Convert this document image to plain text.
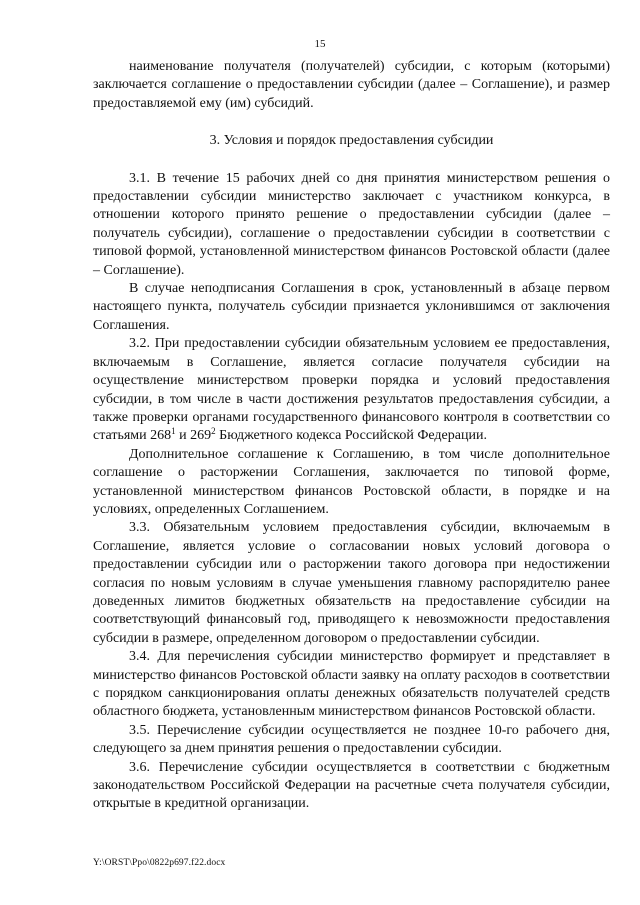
15

наименование получателя (получателей) субсидии, с которым (которыми) заключается соглашение о предоставлении субсидии (далее – Соглашение), и размер предоставляемой ему (им) субсидий.

3. Условия и порядок предоставления субсидии

3.1. В течение 15 рабочих дней со дня принятия министерством решения о предоставлении субсидии министерство заключает с участником конкурса, в отношении которого принято решение о предоставлении субсидии (далее – получатель субсидии), соглашение о предоставлении субсидии в соответствии с типовой формой, установленной министерством финансов Ростовской области (далее – Соглашение).

В случае неподписания Соглашения в срок, установленный в абзаце первом настоящего пункта, получатель субсидии признается уклонившимся от заключения Соглашения.

3.2. При предоставлении субсидии обязательным условием ее предоставления, включаемым в Соглашение, является согласие получателя субсидии на осуществление министерством проверки порядка и условий предоставления субсидии, в том числе в части достижения результатов предоставления субсидии, а также проверки органами государственного финансового контроля в соответствии со статьями $268^1$ и $269^2$ Бюджетного кодекса Российской Федерации.

Дополнительное соглашение к Соглашению, в том числе дополнительное соглашение о расторжении Соглашения, заключается по типовой форме, установленной министерством финансов Ростовской области, в порядке и на условиях, определенных Соглашением.

3.3. Обязательным условием предоставления субсидии, включаемым в Соглашение, является условие о согласовании новых условий договора о предоставлении субсидии или о расторжении такого договора при недостижении согласия по новым условиям в случае уменьшения главному распорядителю ранее доведенных лимитов бюджетных обязательств на предоставление субсидии на соответствующий финансовый год, приводящего к невозможности предоставления субсидии в размере, определенном договором о предоставлении субсидии.

3.4. Для перечисления субсидии министерство формирует и представляет в министерство финансов Ростовской области заявку на оплату расходов в соответствии с порядком санкционирования оплаты денежных обязательств получателей средств областного бюджета, установленным министерством финансов Ростовской области.

3.5. Перечисление субсидии осуществляется не позднее 10-го рабочего дня, следующего за днем принятия решения о предоставлении субсидии.

3.6. Перечисление субсидии осуществляется в соответствии с бюджетным законодательством Российской Федерации на расчетные счета получателя субсидии, открытые в кредитной организации.

Y:\ORST\Ppo\0822p697.f22.docx
